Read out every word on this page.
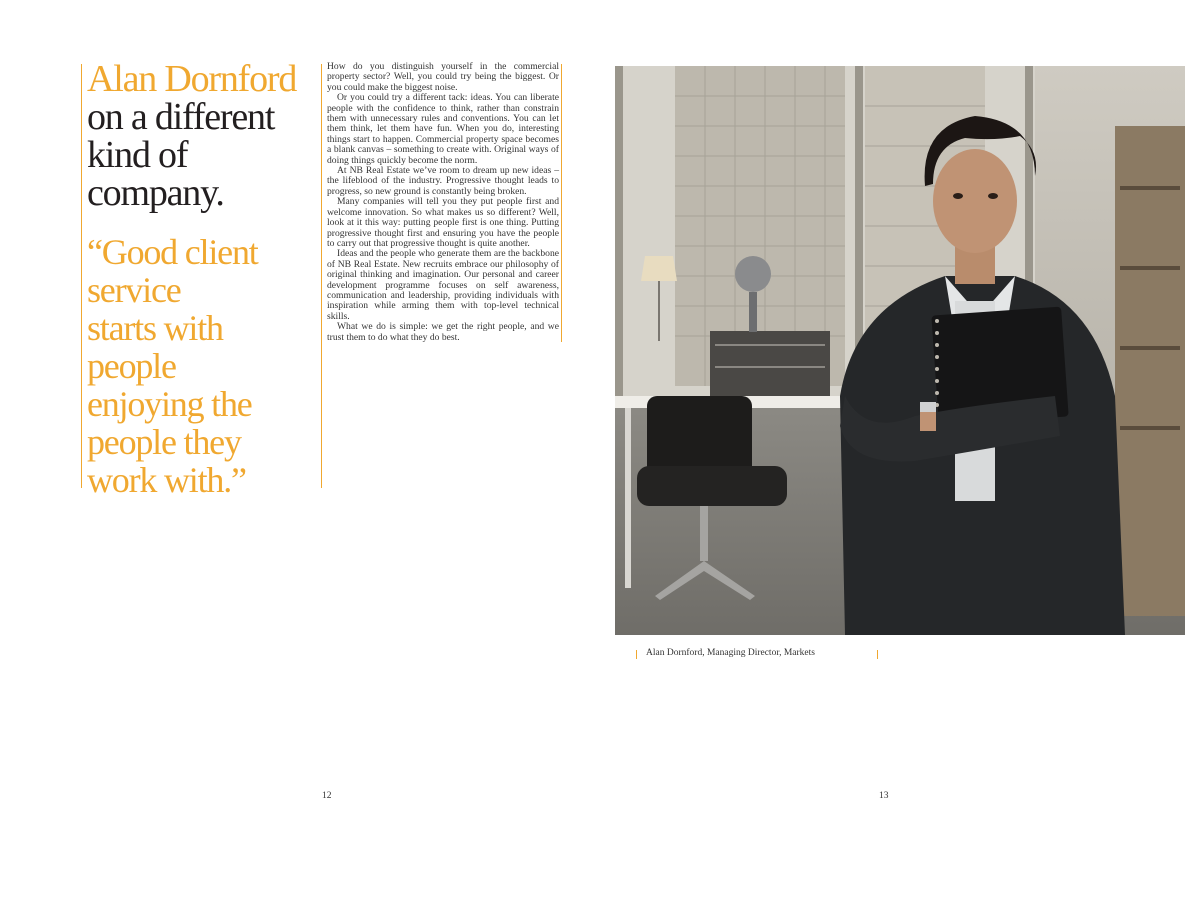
Alan Dornford
on a different
kind of
company.
“Good client
service
starts with
people
enjoying the
people they
work with.”

How do you distinguish yourself in the commercial property sector? Well, you could try being the biggest. Or you could make the biggest noise.

Or you could try a different tack: ideas. You can liberate people with the confidence to think, rather than constrain them with unnecessary rules and conventions. You can let them think, let them have fun. When you do, interesting things start to happen. Commercial property space becomes a blank canvas – something to create with. Original ways of doing things quickly become the norm.

At NB Real Estate we’ve room to dream up new ideas – the lifeblood of the industry. Progressive thought leads to progress, so new ground is constantly being broken.

Many companies will tell you they put people first and welcome innovation. So what makes us so different? Well, look at it this way: putting people first is one thing. Putting progressive thought first and ensuring you have the people to carry out that progressive thought is quite another.

Ideas and the people who generate them are the backbone of NB Real Estate. New recruits embrace our philosophy of original thinking and imagination. Our personal and career development programme focuses on self awareness, communication and leadership, providing individuals with inspiration while arming them with top-level technical skills.

What we do is simple: we get the right people, and we trust them to do what they do best.

Alan Dornford, Managing Director, Markets
12	13
